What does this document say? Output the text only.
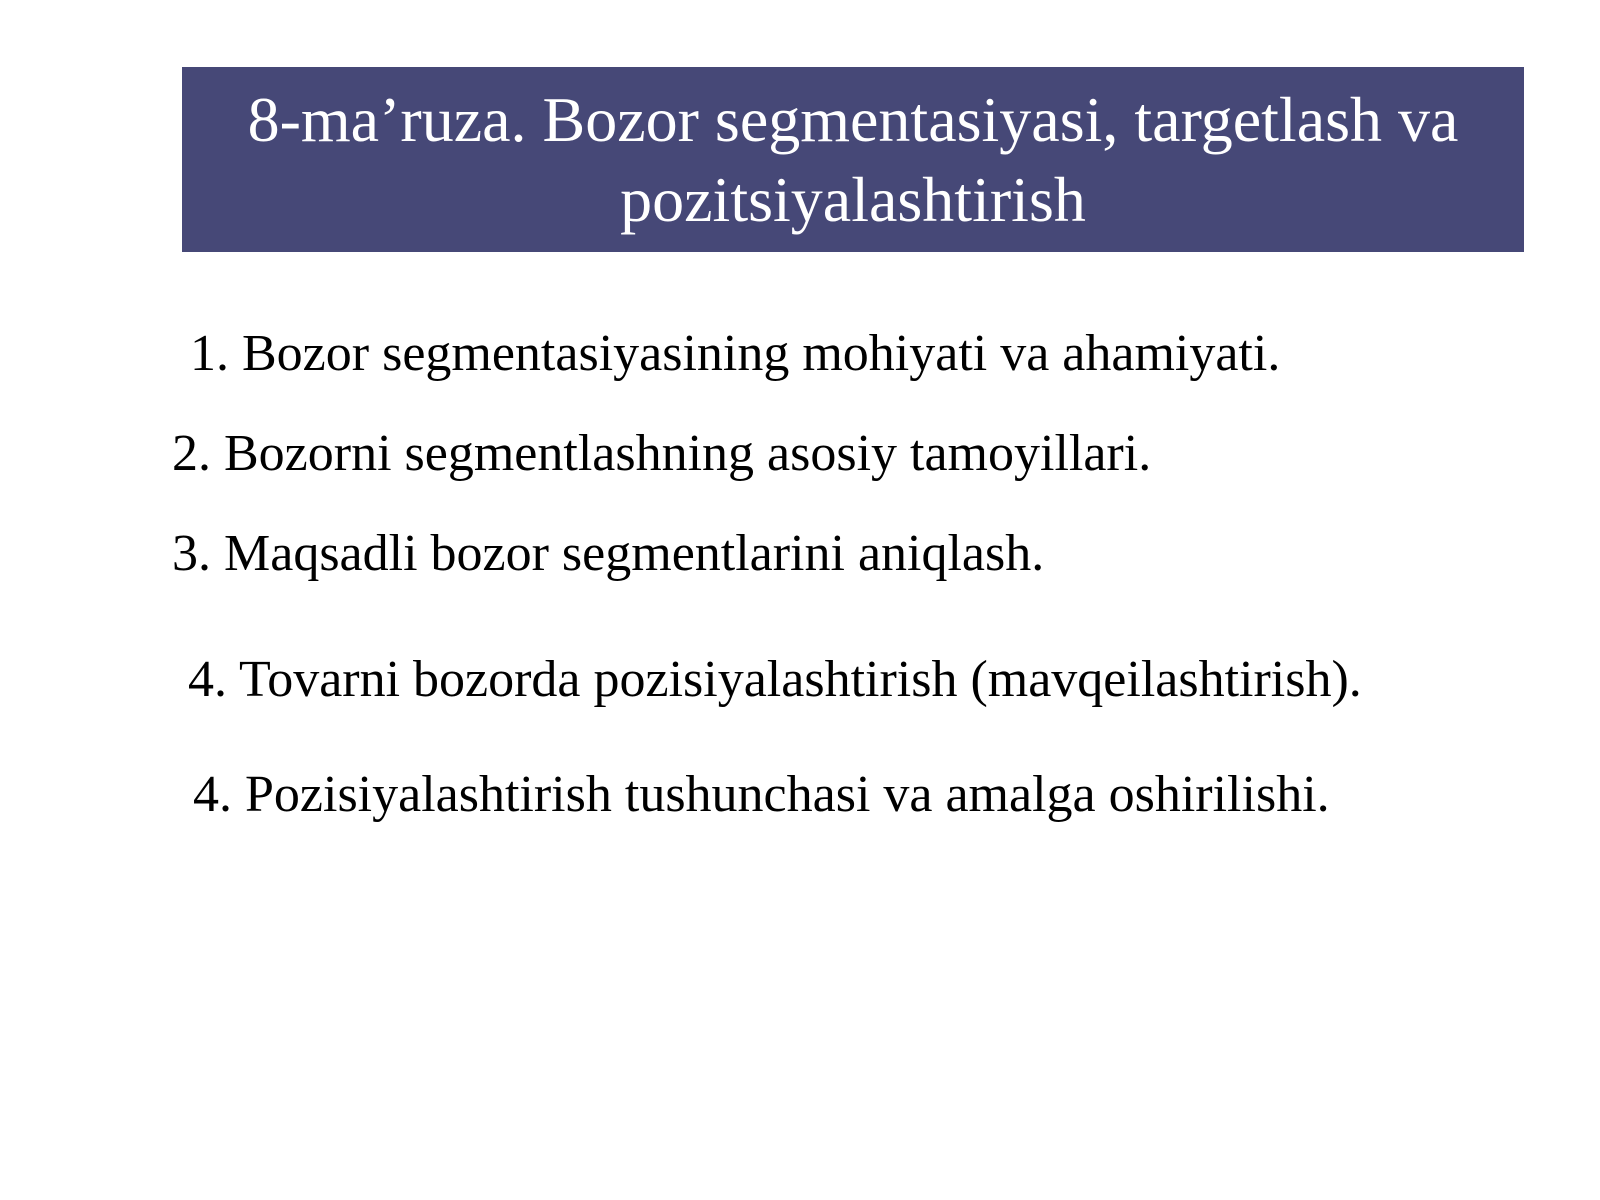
8-ma’ruza. Bozor segmentasiyasi, targetlash va pozitsiyalashtirish

1. Bozor segmentasiyasining mohiyati va ahamiyati.

2. Bozorni segmentlashning asosiy tamoyillari.

3. Maqsadli bozor segmentlarini aniqlash.

4. Tovarni bozorda pozisiyalashtirish (mavqeilashtirish).

4. Pozisiyalashtirish tushunchasi va amalga oshirilishi.
